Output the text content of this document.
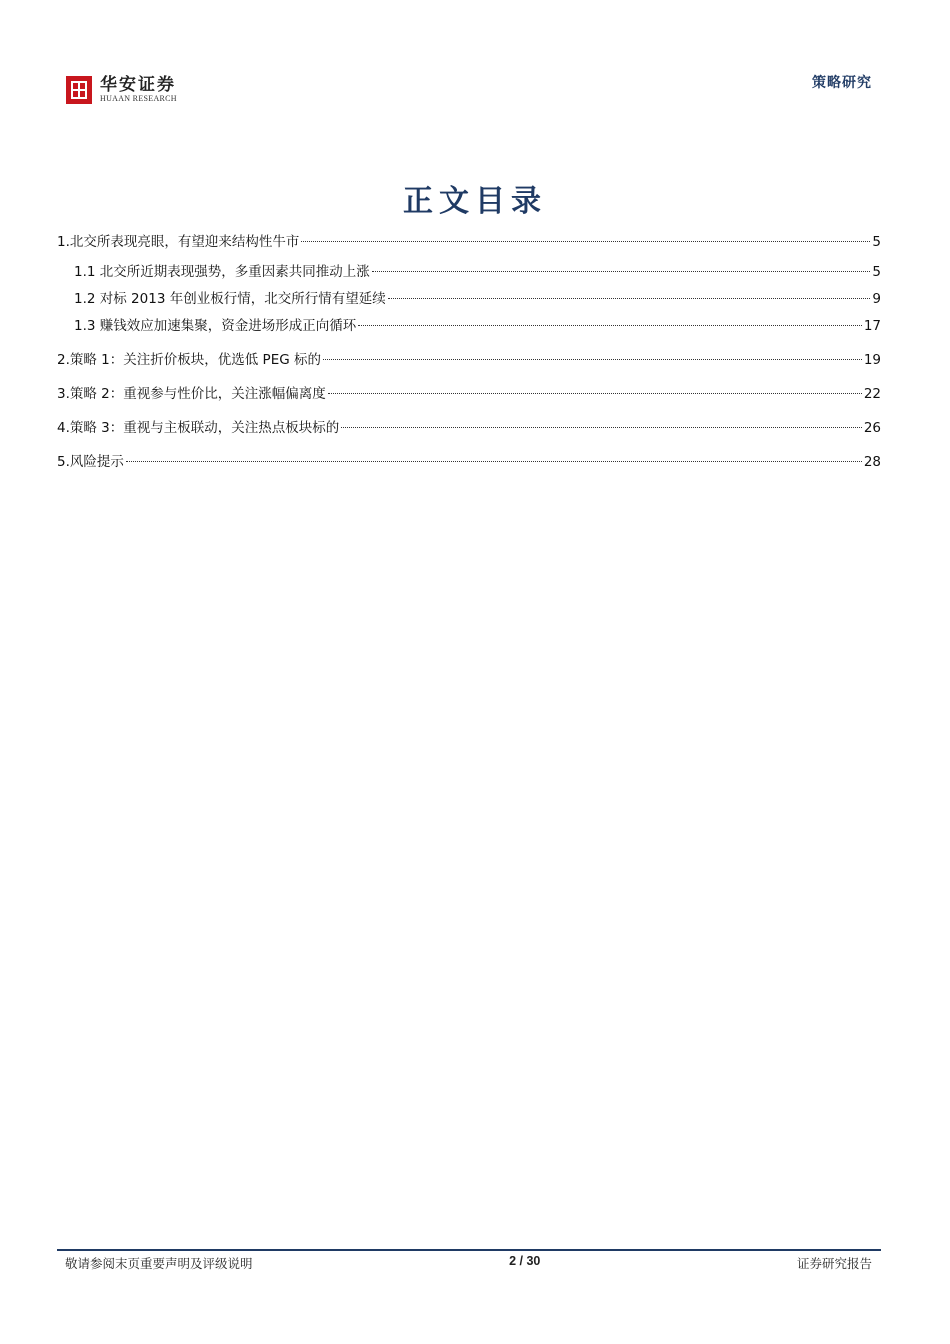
华安证券
HUAAN RESEARCH
策略研究
正文目录
1.北交所表现亮眼，有望迎来结构性牛市	5
1.1 北交所近期表现强势，多重因素共同推动上涨	5
1.2 对标 2013 年创业板行情，北交所行情有望延续	9
1.3 赚钱效应加速集聚，资金进场形成正向循环	17
2.策略 1：关注折价板块，优选低 PEG 标的	19
3.策略 2：重视参与性价比，关注涨幅偏离度	22
4.策略 3：重视与主板联动，关注热点板块标的	26
5.风险提示	28
敬请参阅末页重要声明及评级说明	2 / 30	证券研究报告
